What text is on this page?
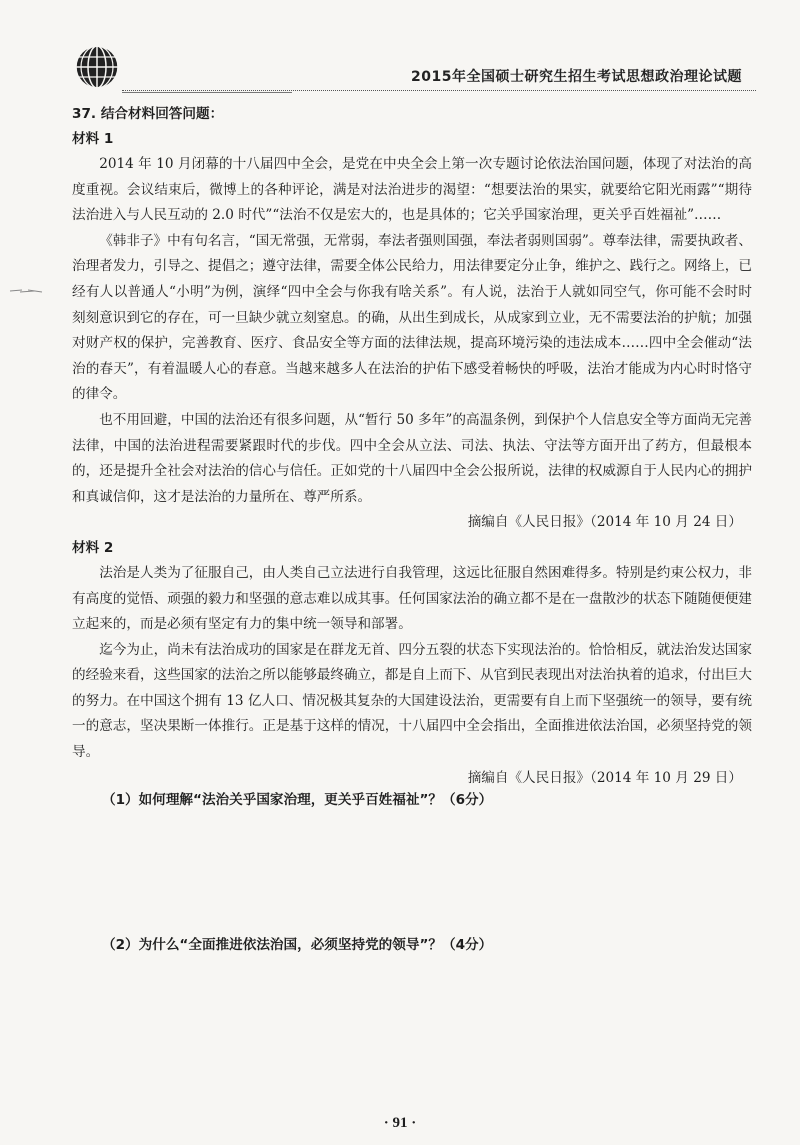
2015年全国硕士研究生招生考试思想政治理论试题
37. 结合材料回答问题：
材料 1

2014 年 10 月闭幕的十八届四中全会，是党在中央全会上第一次专题讨论依法治国问题，体现了对法治的高度重视。会议结束后，微博上的各种评论，满是对法治进步的渴望：“想要法治的果实，就要给它阳光雨露”“期待法治进入与人民互动的 2.0 时代”“法治不仅是宏大的，也是具体的；它关乎国家治理，更关乎百姓福祉”……

《韩非子》中有句名言，“国无常强，无常弱，奉法者强则国强，奉法者弱则国弱”。尊奉法律，需要执政者、治理者发力，引导之、提倡之；遵守法律，需要全体公民给力，用法律要定分止争，维护之、践行之。网络上，已经有人以普通人“小明”为例，演绎“四中全会与你我有啥关系”。有人说，法治于人就如同空气，你可能不会时时刻刻意识到它的存在，可一旦缺少就立刻窒息。的确，从出生到成长，从成家到立业，无不需要法治的护航；加强对财产权的保护，完善教育、医疗、食品安全等方面的法律法规，提高环境污染的违法成本……四中全会催动“法治的春天”，有着温暖人心的春意。当越来越多人在法治的护佑下感受着畅快的呼吸，法治才能成为内心时时恪守的律令。

也不用回避，中国的法治还有很多问题，从“暂行 50 多年”的高温条例，到保护个人信息安全等方面尚无完善法律，中国的法治进程需要紧跟时代的步伐。四中全会从立法、司法、执法、守法等方面开出了药方，但最根本的，还是提升全社会对法治的信心与信任。正如党的十八届四中全会公报所说，法律的权威源自于人民内心的拥护和真诚信仰，这才是法治的力量所在、尊严所系。

摘编自《人民日报》（2014 年 10 月 24 日）

材料 2

法治是人类为了征服自己，由人类自己立法进行自我管理，这远比征服自然困难得多。特别是约束公权力，非有高度的觉悟、顽强的毅力和坚强的意志难以成其事。任何国家法治的确立都不是在一盘散沙的状态下随随便便建立起来的，而是必须有坚定有力的集中统一领导和部署。

迄今为止，尚未有法治成功的国家是在群龙无首、四分五裂的状态下实现法治的。恰恰相反，就法治发达国家的经验来看，这些国家的法治之所以能够最终确立，都是自上而下、从官到民表现出对法治执着的追求，付出巨大的努力。在中国这个拥有 13 亿人口、情况极其复杂的大国建设法治，更需要有自上而下坚强统一的领导，要有统一的意志，坚决果断一体推行。正是基于这样的情况，十八届四中全会指出，全面推进依法治国，必须坚持党的领导。

摘编自《人民日报》（2014 年 10 月 29 日）

（1）如何理解“法治关乎国家治理，更关乎百姓福祉”？（6分）
（2）为什么“全面推进依法治国，必须坚持党的领导”？（4分）
· 91 ·
